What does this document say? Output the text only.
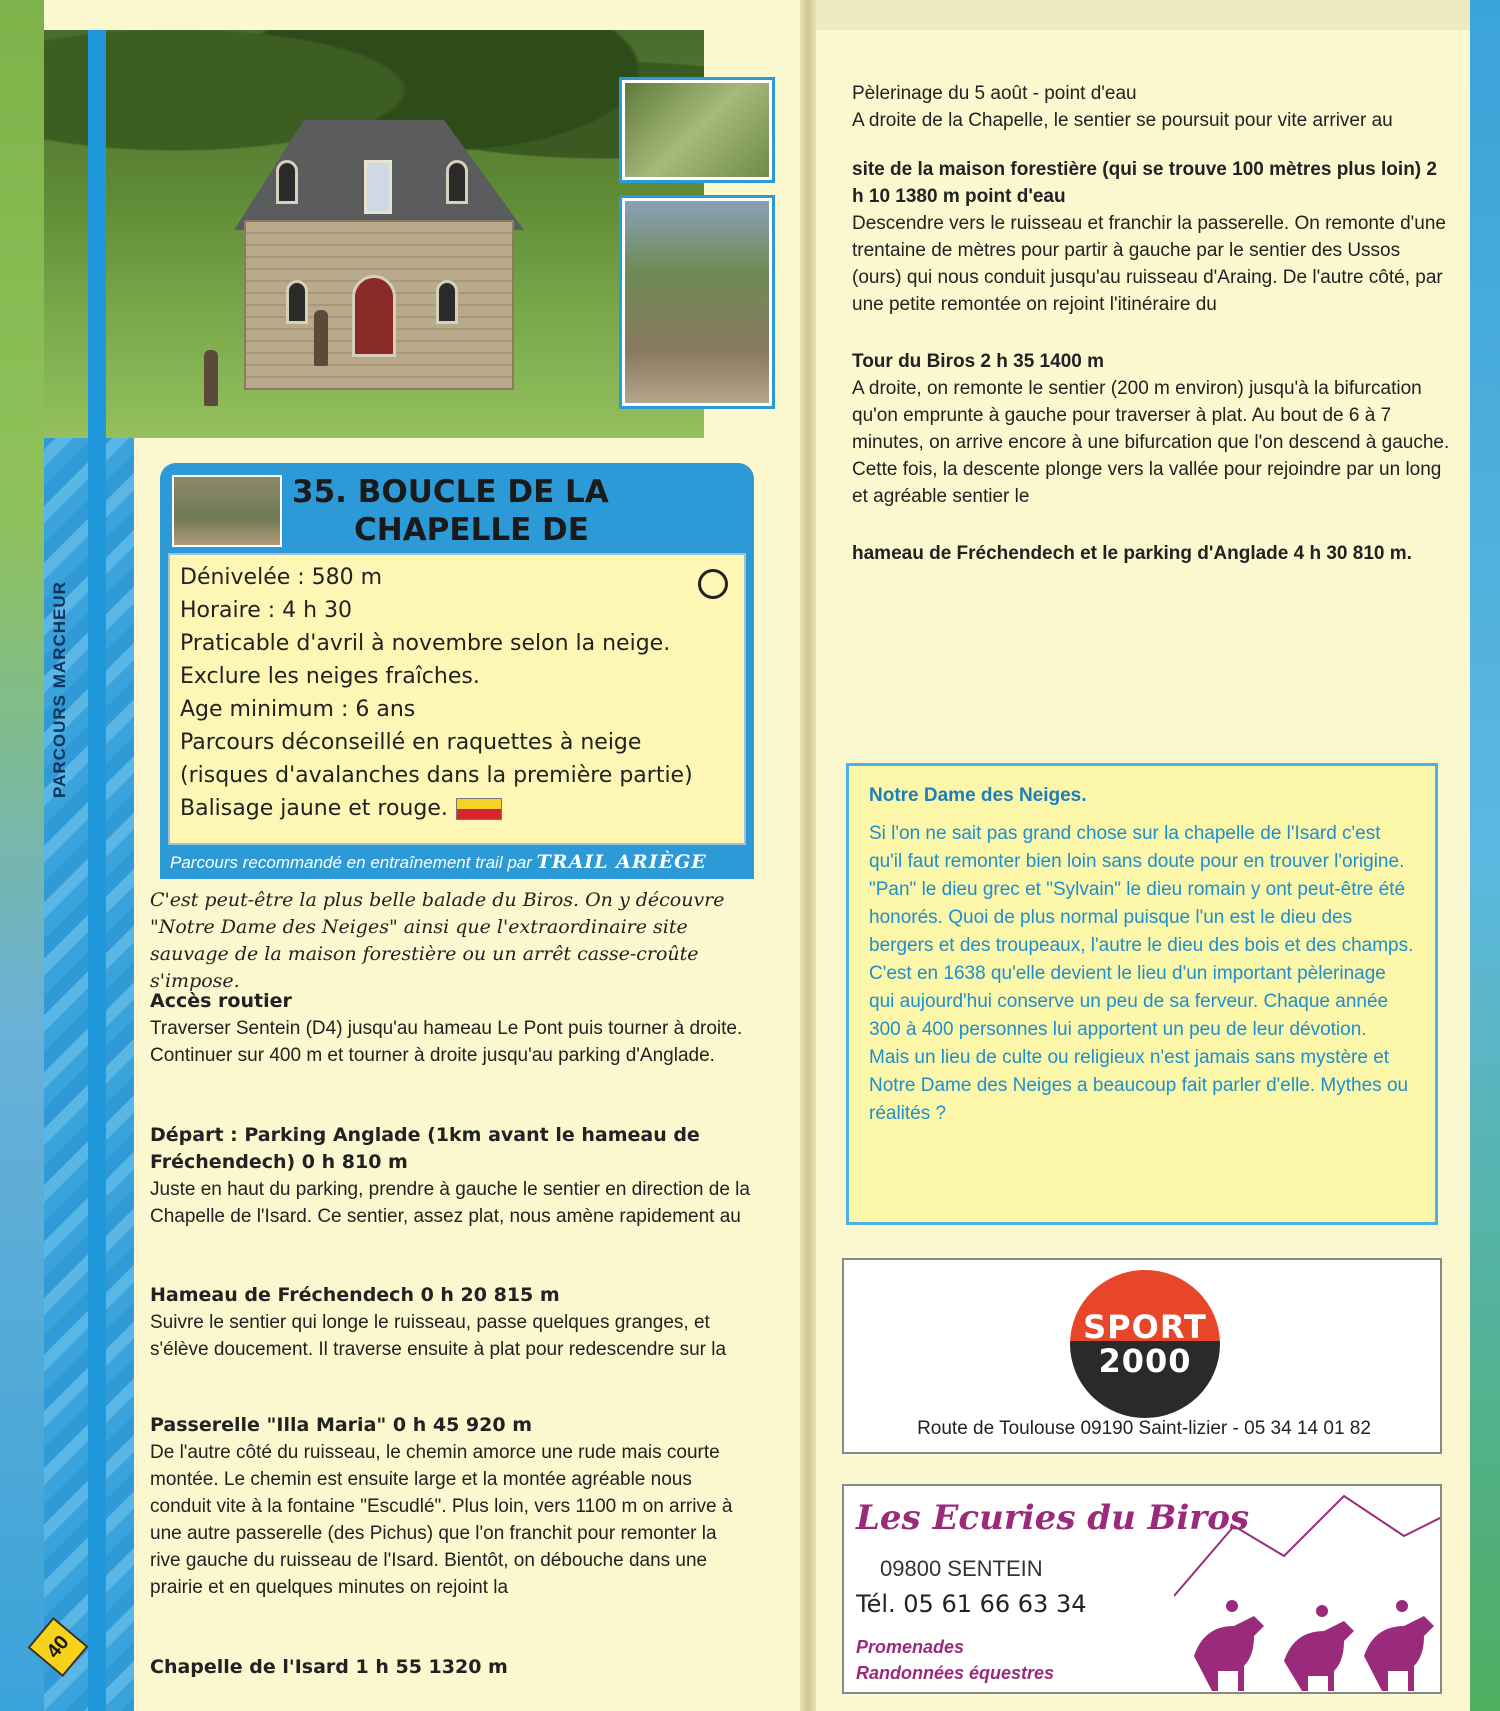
PARCOURS MARCHEUR
35. BOUCLE DE LA
CHAPELLE DE

Dénivelée : 580 m

Horaire : 4 h 30

Praticable d'avril à novembre selon la neige. Exclure les neiges fraîches.

Age minimum : 6 ans

Parcours déconseillé en raquettes à neige (risques d'avalanches dans la première partie)

Balisage jaune et rouge.

Parcours recommandé en entraînement trail par TRAIL ARIÈGE

C'est peut-être la plus belle balade du Biros. On y découvre "Notre Dame des Neiges" ainsi que l'extraordinaire site sauvage de la maison forestière ou un arrêt casse-croûte s'impose.

Accès routier
Traverser Sentein (D4) jusqu'au hameau Le Pont puis tourner à droite. Continuer sur 400 m et tourner à droite jusqu'au parking d'Anglade.
Départ : Parking Anglade (1km avant le hameau de Fréchendech) 0 h 810 m
Juste en haut du parking, prendre à gauche le sentier en direction de la Chapelle de l'Isard. Ce sentier, assez plat, nous amène rapidement au
Hameau de Fréchendech 0 h 20 815 m
Suivre le sentier qui longe le ruisseau, passe quelques granges, et s'élève doucement. Il traverse ensuite à plat pour redescendre sur la
Passerelle "Illa Maria" 0 h 45 920 m
De l'autre côté du ruisseau, le chemin amorce une rude mais courte montée. Le chemin est ensuite large et la montée agréable nous conduit vite à la fontaine "Escudlé". Plus loin, vers 1100 m on arrive à une autre passerelle (des Pichus) que l'on franchit pour remonter la rive gauche du ruisseau de l'Isard. Bientôt, on débouche dans une prairie et en quelques minutes on rejoint la
Chapelle de l'Isard 1 h 55 1320 m
40
Pèlerinage du 5 août - point d'eau
A droite de la Chapelle, le sentier se poursuit pour vite arriver au
site de la maison forestière (qui se trouve 100 mètres plus loin) 2 h 10 1380 m point d'eau
Descendre vers le ruisseau et franchir la passerelle. On remonte d'une trentaine de mètres pour partir à gauche par le sentier des Ussos (ours) qui nous conduit jusqu'au ruisseau d'Araing. De l'autre côté, par une petite remontée on rejoint l'itinéraire du
Tour du Biros 2 h 35 1400 m
A droite, on remonte le sentier (200 m environ) jusqu'à la bifurcation qu'on emprunte à gauche pour traverser à plat. Au bout de 6 à 7 minutes, on arrive encore à une bifurcation que l'on descend à gauche. Cette fois, la descente plonge vers la vallée pour rejoindre par un long et agréable sentier le
hameau de Fréchendech et le parking d'Anglade 4 h 30 810 m.
Notre Dame des Neiges.

Si l'on ne sait pas grand chose sur la chapelle de l'Isard c'est qu'il faut remonter bien loin sans doute pour en trouver l'origine.

"Pan" le dieu grec et "Sylvain" le dieu romain y ont peut-être été honorés. Quoi de plus normal puisque l'un est le dieu des bergers et des troupeaux, l'autre le dieu des bois et des champs.

C'est en 1638 qu'elle devient le lieu d'un important pèlerinage qui aujourd'hui conserve un peu de sa ferveur. Chaque année 300 à 400 personnes lui apportent un peu de leur dévotion.

Mais un lieu de culte ou religieux n'est jamais sans mystère et Notre Dame des Neiges a beaucoup fait parler d'elle. Mythes ou réalités ?

SPORT
2000
Route de Toulouse 09190 Saint-lizier - 05 34 14 01 82
Les Ecuries du Biros
09800 SENTEIN
Tél. 05 61 66 63 34
Promenades
Randonnées équestres
